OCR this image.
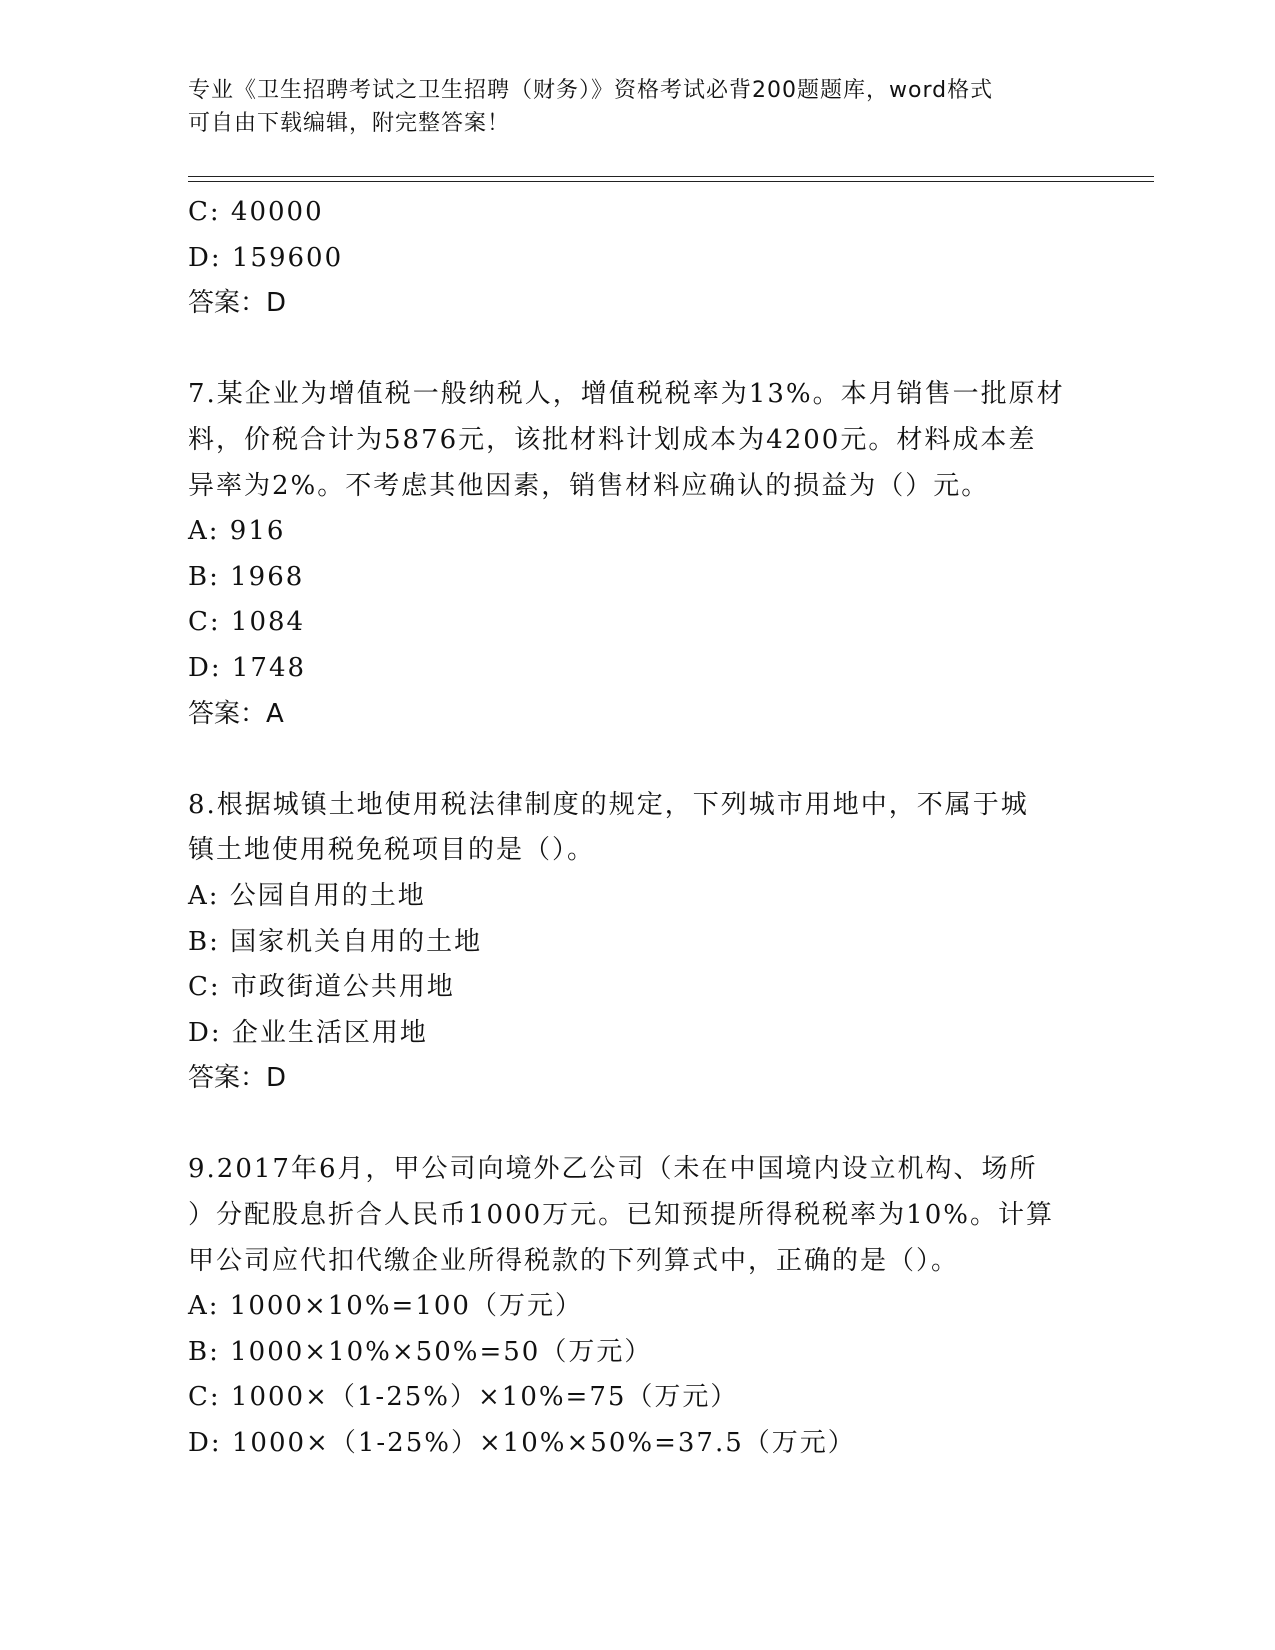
专业《卫生招聘考试之卫生招聘（财务）》资格考试必背200题题库，word格式
可自由下载编辑，附完整答案！
C: 40000
D: 159600
答案：D
7.某企业为增值税一般纳税人，增值税税率为13%。本月销售一批原材
料，价税合计为5876元，该批材料计划成本为4200元。材料成本差
异率为2%。不考虑其他因素，销售材料应确认的损益为（）元。
A: 916
B: 1968
C: 1084
D: 1748
答案：A
8.根据城镇土地使用税法律制度的规定，下列城市用地中，不属于城
镇土地使用税免税项目的是（）。
A: 公园自用的土地
B: 国家机关自用的土地
C: 市政街道公共用地
D: 企业生活区用地
答案：D
9.2017年6月，甲公司向境外乙公司（未在中国境内设立机构、场所
）分配股息折合人民币1000万元。已知预提所得税税率为10%。计算
甲公司应代扣代缴企业所得税款的下列算式中，正确的是（）。
A: 1000×10%=100（万元）
B: 1000×10%×50%=50（万元）
C: 1000×（1-25%）×10%=75（万元）
D: 1000×（1-25%）×10%×50%=37.5（万元）
